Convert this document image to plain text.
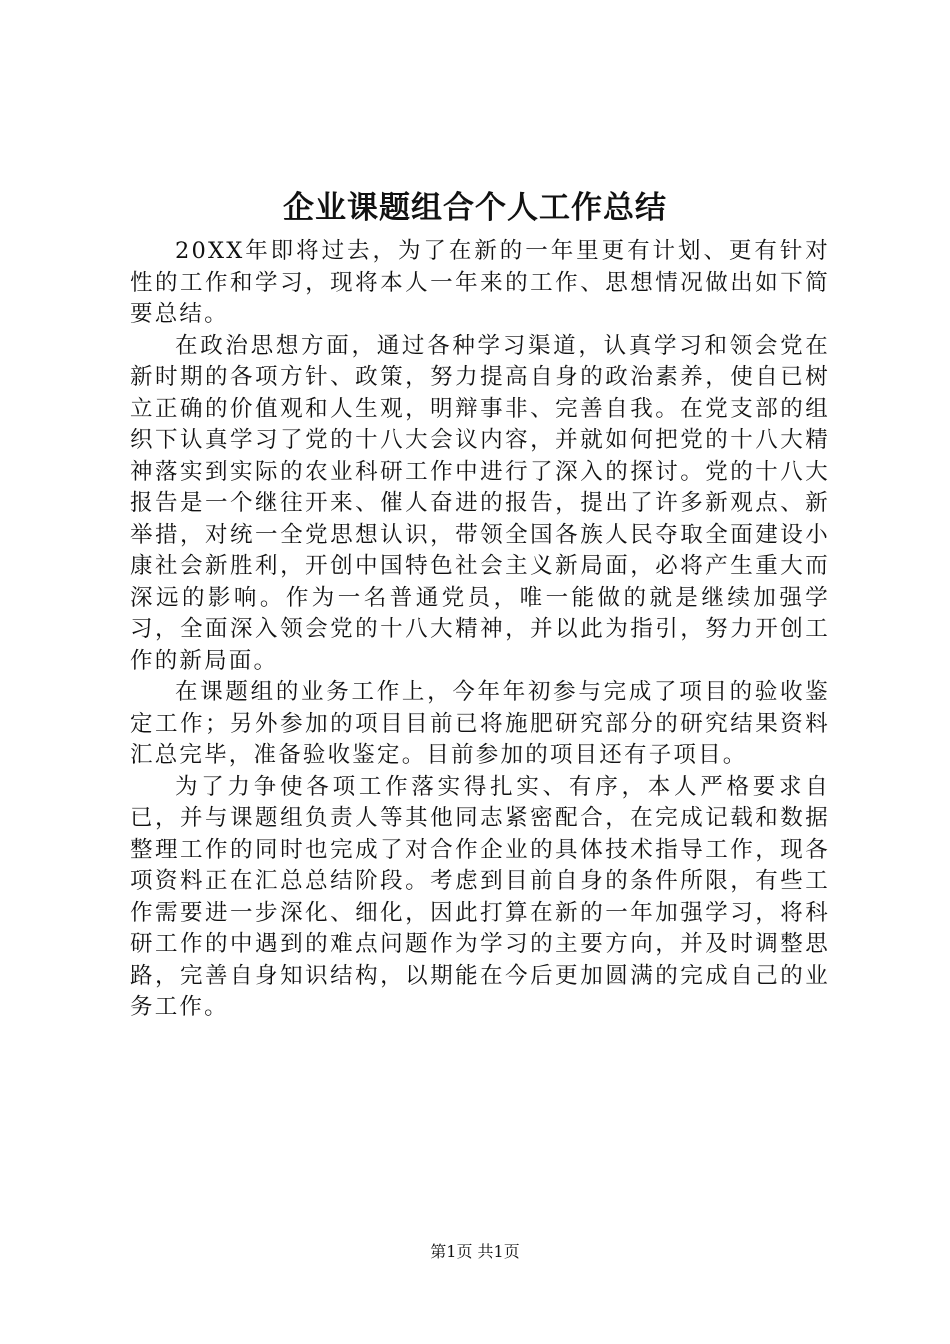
企业课题组合个人工作总结

20XX年即将过去，为了在新的一年里更有计划、更有针对性的工作和学习，现将本人一年来的工作、思想情况做出如下简要总结。

在政治思想方面，通过各种学习渠道，认真学习和领会党在新时期的各项方针、政策，努力提高自身的政治素养，使自已树立正确的价值观和人生观，明辩事非、完善自我。在党支部的组织下认真学习了党的十八大会议内容，并就如何把党的十八大精神落实到实际的农业科研工作中进行了深入的探讨。党的十八大报告是一个继往开来、催人奋进的报告，提出了许多新观点、新举措，对统一全党思想认识，带领全国各族人民夺取全面建设小康社会新胜利，开创中国特色社会主义新局面，必将产生重大而深远的影响。作为一名普通党员，唯一能做的就是继续加强学习，全面深入领会党的十八大精神，并以此为指引，努力开创工作的新局面。

在课题组的业务工作上，今年年初参与完成了项目的验收鉴定工作；另外参加的项目目前已将施肥研究部分的研究结果资料汇总完毕，准备验收鉴定。目前参加的项目还有子项目。

为了力争使各项工作落实得扎实、有序，本人严格要求自已，并与课题组负责人等其他同志紧密配合，在完成记载和数据整理工作的同时也完成了对合作企业的具体技术指导工作，现各项资料正在汇总总结阶段。考虑到目前自身的条件所限，有些工作需要进一步深化、细化，因此打算在新的一年加强学习，将科研工作的中遇到的难点问题作为学习的主要方向，并及时调整思路，完善自身知识结构，以期能在今后更加圆满的完成自己的业务工作。

第1页 共1页
